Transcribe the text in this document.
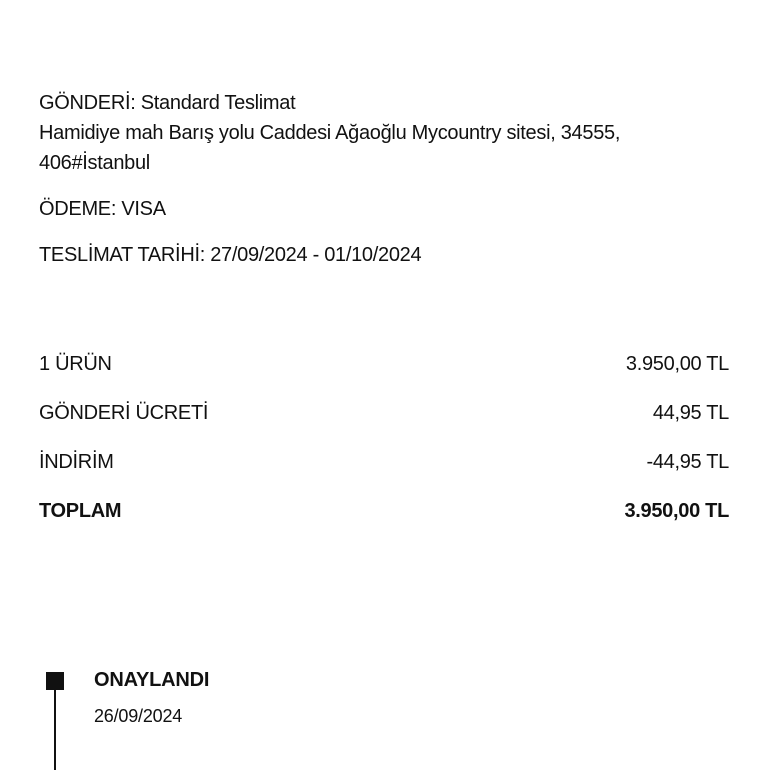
GÖNDERİ: Standard Teslimat
Hamidiye mah Barış yolu Caddesi Ağaoğlu Mycountry sitesi, 34555,
406#İstanbul
ÖDEME: VISA
TESLİMAT TARİHİ: 27/09/2024 - 01/10/2024
1 ÜRÜN	3.950,00 TL
GÖNDERİ ÜCRETİ	44,95 TL
İNDİRİM	-44,95 TL
TOPLAM	3.950,00 TL
ONAYLANDI
26/09/2024
